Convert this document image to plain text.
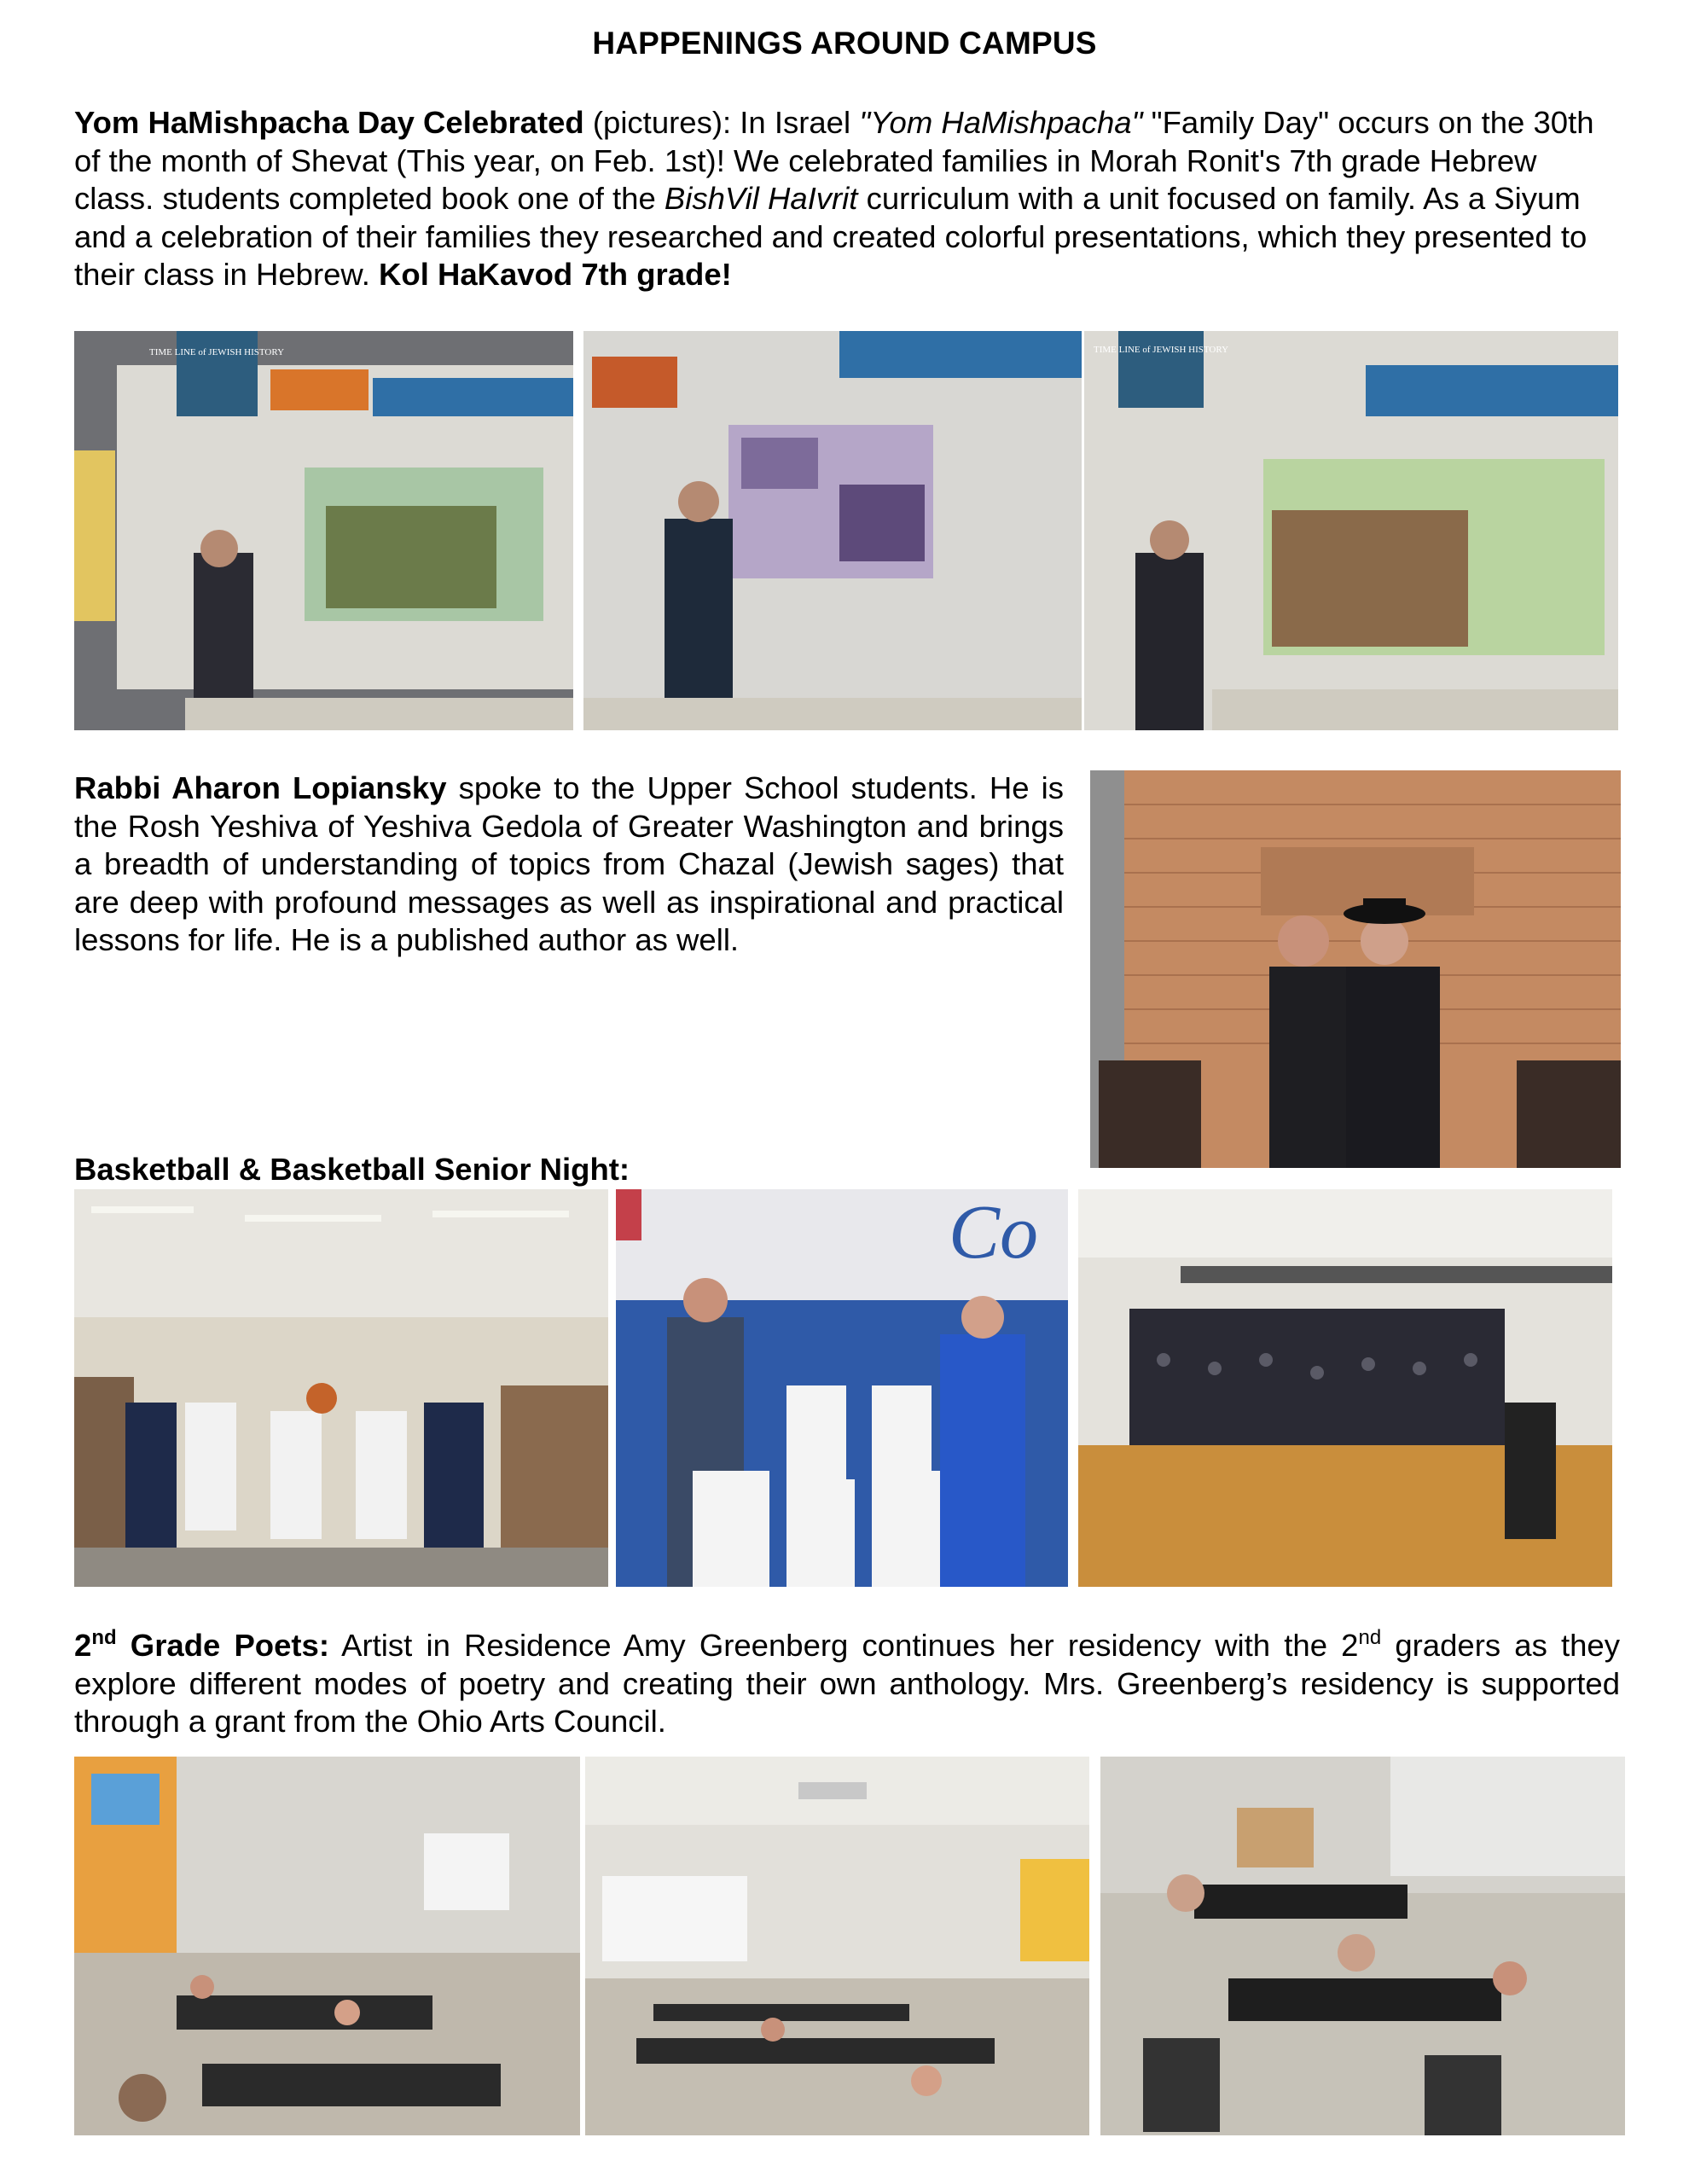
HAPPENINGS AROUND CAMPUS
Yom HaMishpacha Day Celebrated (pictures): In Israel "Yom HaMishpacha" "Family Day" occurs on the 30th of the month of Shevat (This year, on Feb. 1st)! We celebrated families in Morah Ronit's 7th grade Hebrew class. students completed book one of the BishVil HaIvrit curriculum with a unit focused on family. As a Siyum and a celebration of their families they researched and created colorful presentations, which they presented to their class in Hebrew. Kol HaKavod 7th grade!
TIME LINE of JEWISH HISTORY	TIME LINE of JEWISH HISTORY
Rabbi Aharon Lopiansky spoke to the Upper School students. He is the Rosh Yeshiva of Yeshiva Gedola of Greater Washington and brings a breadth of understanding of topics from Chazal (Jewish sages) that are deep with profound messages as well as inspirational and practical lessons for life. He is a published author as well.
Basketball & Basketball Senior Night:
Co
2nd Grade Poets: Artist in Residence Amy Greenberg continues her residency with the 2nd graders as they explore different modes of poetry and creating their own anthology. Mrs. Greenberg’s residency is supported through a grant from the Ohio Arts Council.
